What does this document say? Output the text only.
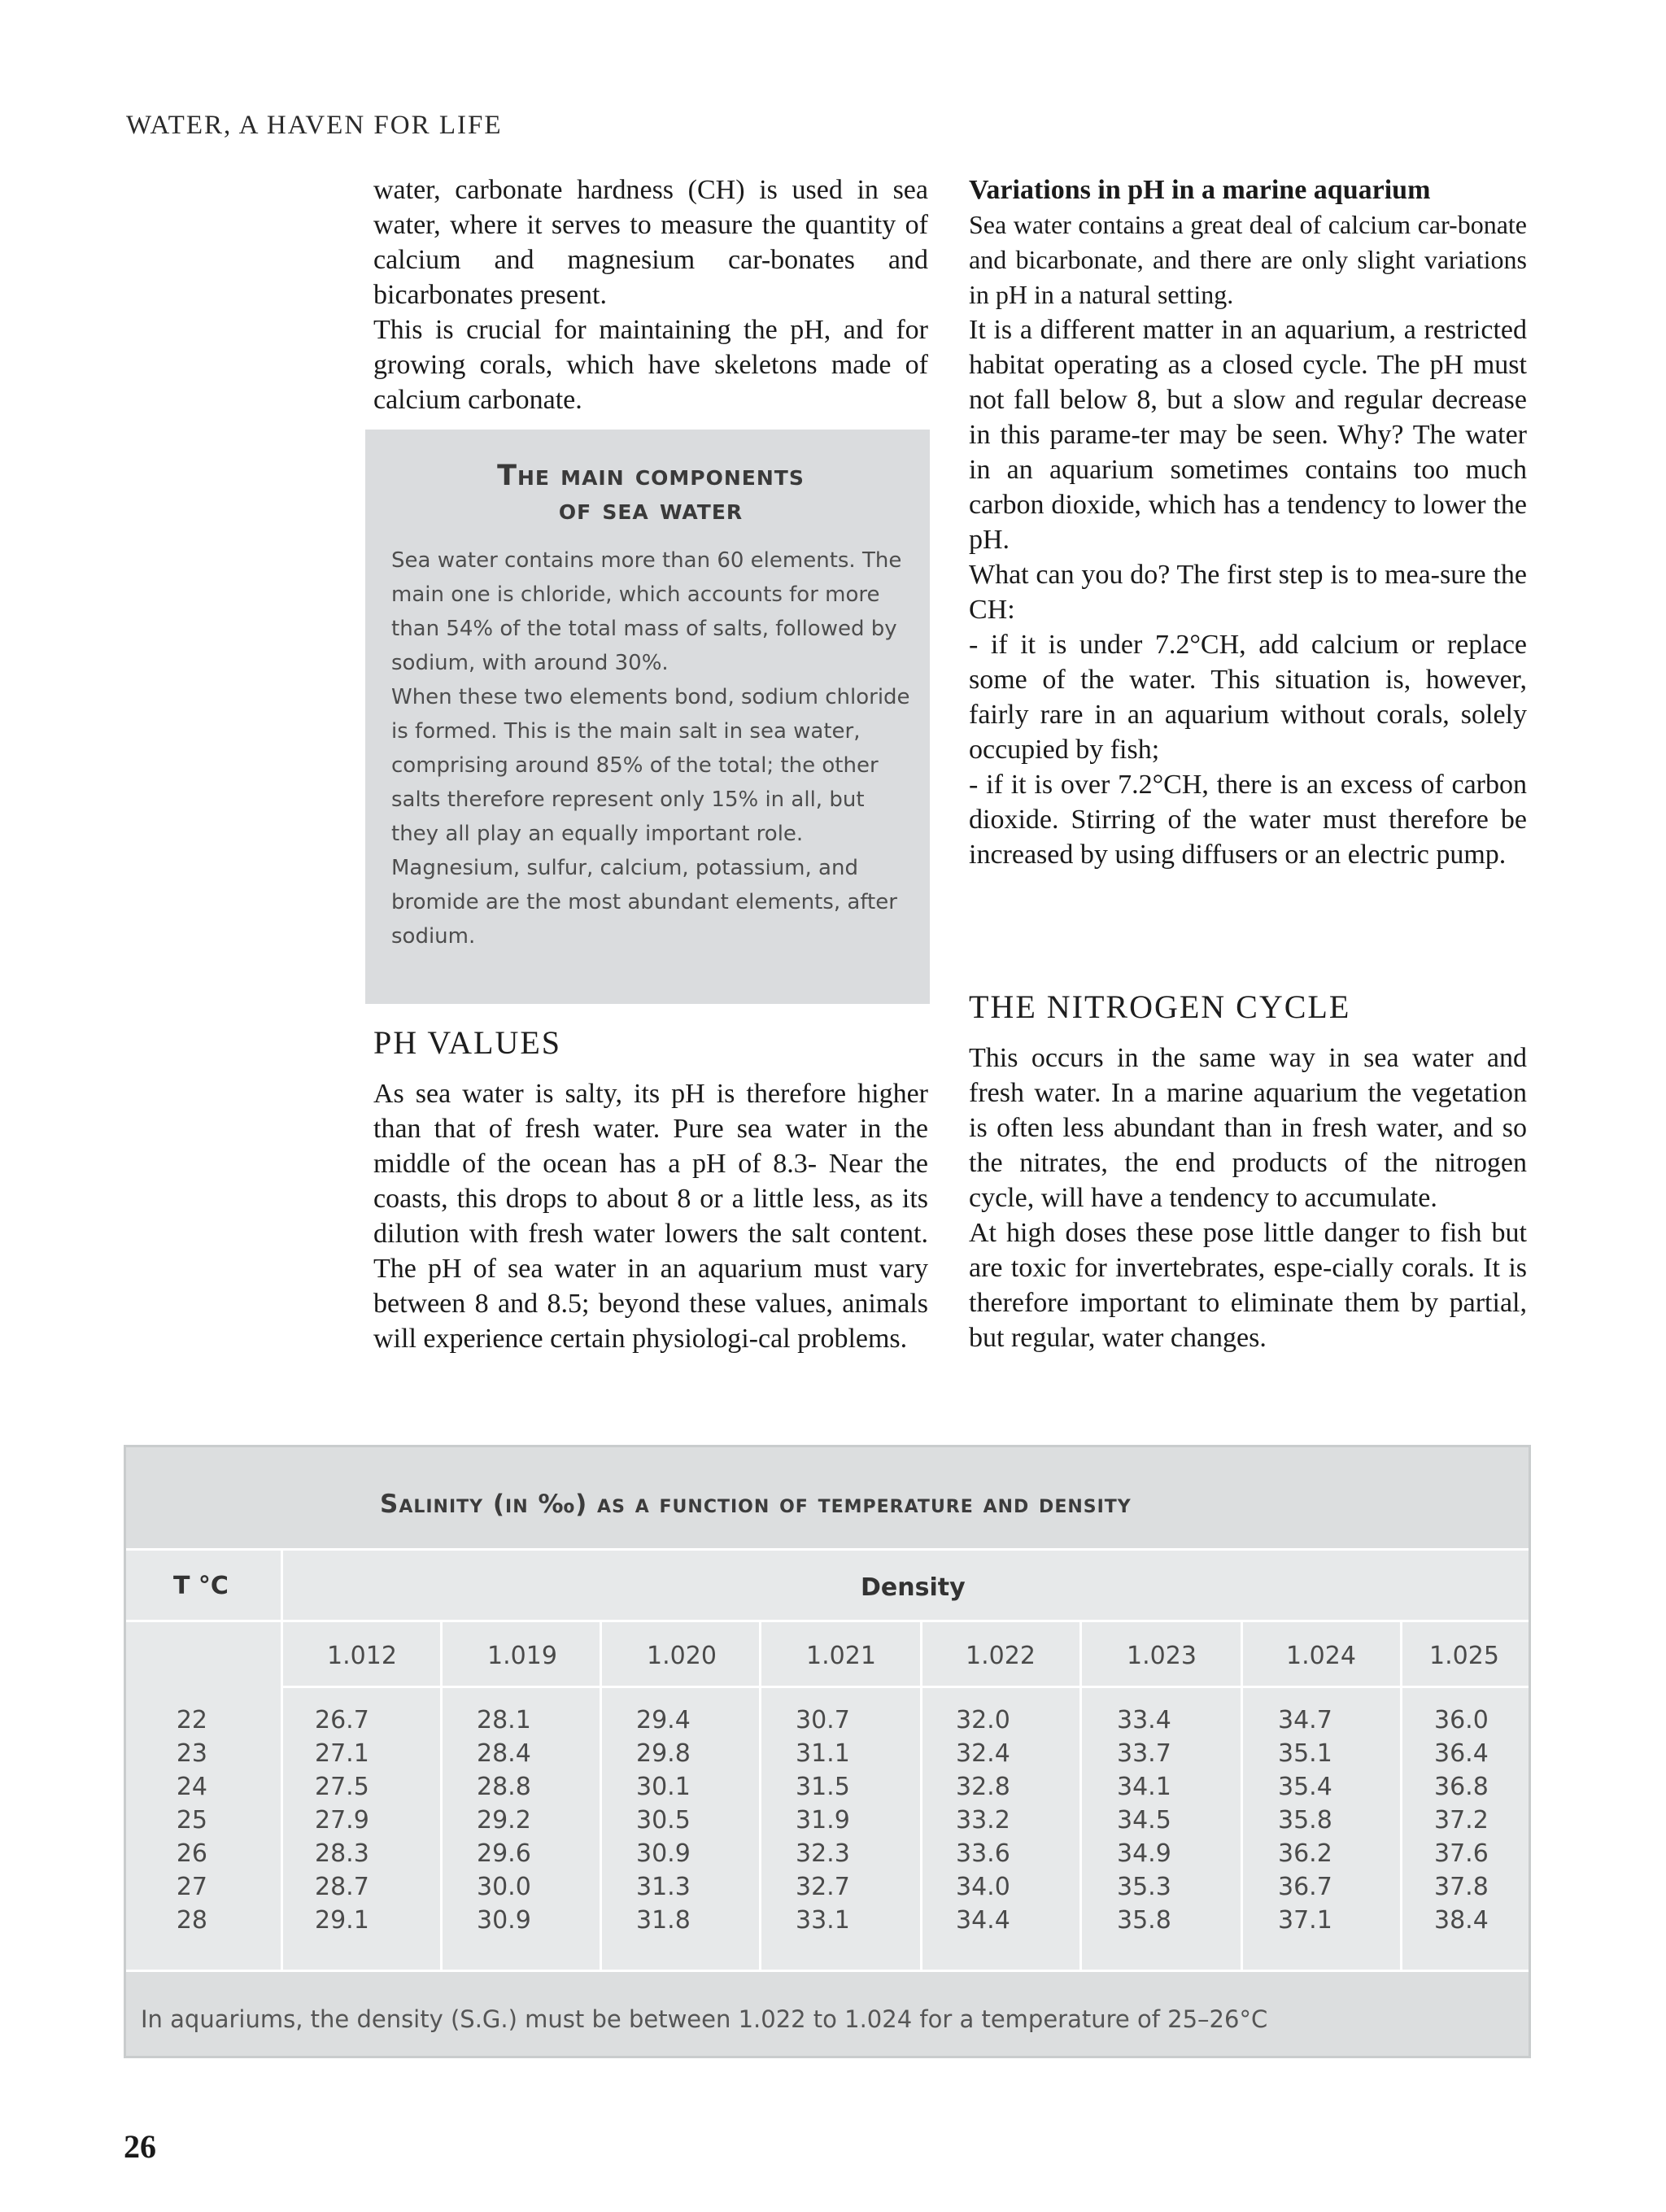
WATER, A HAVEN FOR LIFE

water, carbonate hardness (CH) is used in sea water, where it serves to measure the quantity of calcium and magnesium car-bonates and bicarbonates present.

This is crucial for maintaining the pH, and for growing corals, which have skeletons made of calcium carbonate.

The main components
of sea water

Sea water contains more than 60 elements. The main one is chloride, which accounts for more than 54% of the total mass of salts, followed by sodium, with around 30%.

When these two elements bond, sodium chloride is formed. This is the main salt in sea water, comprising around 85% of the total; the other salts therefore represent only 15% in all, but they all play an equally important role. Magnesium, sulfur, calcium, potassium, and bromide are the most abundant elements, after sodium.

PH VALUES

As sea water is salty, its pH is therefore higher than that of fresh water. Pure sea water in the middle of the ocean has a pH of 8.3- Near the coasts, this drops to about 8 or a little less, as its dilution with fresh water lowers the salt content. The pH of sea water in an aquarium must vary between 8 and 8.5; beyond these values, animals will experience certain physiologi-cal problems.

Variations in pH in a marine aquarium

Sea water contains a great deal of calcium car-bonate and bicarbonate, and there are only slight variations in pH in a natural setting.

It is a different matter in an aquarium, a restricted habitat operating as a closed cycle. The pH must not fall below 8, but a slow and regular decrease in this parame-ter may be seen. Why? The water in an aquarium sometimes contains too much carbon dioxide, which has a tendency to lower the pH.

What can you do? The first step is to mea-sure the CH:

- if it is under 7.2°CH, add calcium or replace some of the water. This situation is, however, fairly rare in an aquarium without corals, solely occupied by fish;

- if it is over 7.2°CH, there is an excess of carbon dioxide. Stirring of the water must therefore be increased by using diffusers or an electric pump.

THE NITROGEN CYCLE

This occurs in the same way in sea water and fresh water. In a marine aquarium the vegetation is often less abundant than in fresh water, and so the nitrates, the end products of the nitrogen cycle, will have a tendency to accumulate.

At high doses these pose little danger to fish but are toxic for invertebrates, espe-cially corals. It is therefore important to eliminate them by partial, but regular, water changes.

Salinity (in ‰) as a function of temperature and density
T °C	Density
1.012	1.019	1.020	1.021	1.022	1.023	1.024	1.025
22	26.7	28.1	29.4	30.7	32.0	33.4	34.7	36.0
23	27.1	28.4	29.8	31.1	32.4	33.7	35.1	36.4
24	27.5	28.8	30.1	31.5	32.8	34.1	35.4	36.8
25	27.9	29.2	30.5	31.9	33.2	34.5	35.8	37.2
26	28.3	29.6	30.9	32.3	33.6	34.9	36.2	37.6
27	28.7	30.0	31.3	32.7	34.0	35.3	36.7	37.8
28	29.1	30.9	31.8	33.1	34.4	35.8	37.1	38.4
In aquariums, the density (S.G.) must be between 1.022 to 1.024 for a temperature of 25–26°C
26
